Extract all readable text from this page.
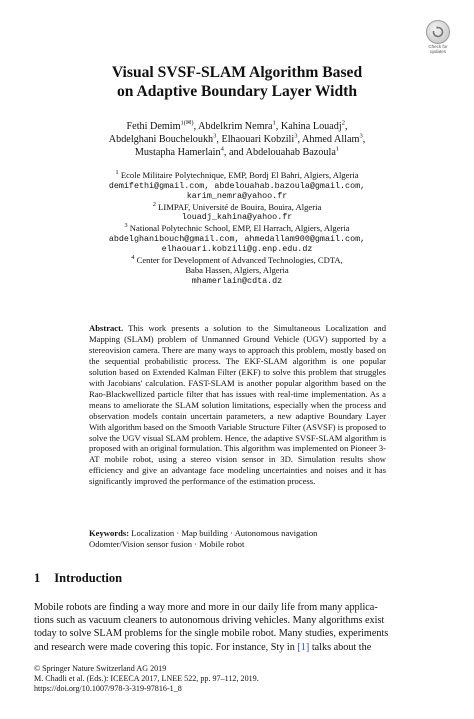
Check for
updates
Visual SVSF-SLAM Algorithm Based
on Adaptive Boundary Layer Width
Fethi Demim$^{1(✉)}$, Abdelkrim Nemra$^1$, Kahina Louadj$^2$,
Abdelghani Boucheloukh$^3$, Elhaouari Kobzili$^3$, Ahmed Allam$^3$,
Mustapha Hamerlain$^4$, and Abdelouahab Bazoula$^1$
$^1$ Ecole Militaire Polytechnique, EMP, Bordj El Bahri, Algiers, Algeria
demifethi@gmail.com, abdelouahab.bazoula@gmail.com,
karim_nemra@yahoo.fr
$^2$ LIMPAF, Université de Bouira, Bouira, Algeria
louadj_kahina@yahoo.fr
$^3$ National Polytechnic School, EMP, El Harrach, Algiers, Algeria
abdelghanibouch@gmail.com, ahmedallam900@gmail.com,
elhaouari.kobzili@g.enp.edu.dz
$^4$ Center for Development of Advanced Technologies, CDTA,
Baba Hassen, Algiers, Algeria
mhamerlain@cdta.dz
Abstract. This work presents a solution to the Simultaneous Localization and Mapping (SLAM) problem of Unmanned Ground Vehicle (UGV) supported by a stereovision camera. There are many ways to approach this problem, mostly based on the sequential probabilistic process. The EKF-SLAM algorithm is one popular solution based on Extended Kalman Filter (EKF) to solve this problem that struggles with Jacobians' calculation. FAST-SLAM is another popular algorithm based on the Rao-Blackwellized particle filter that has issues with real-time implementation. As a means to ameliorate the SLAM solution limitations, especially when the process and observation models contain uncertain parameters, a new adaptive Boundary Layer With algorithm based on the Smooth Variable Structure Filter (ASVSF) is proposed to solve the UGV visual SLAM problem. Hence, the adaptive SVSF-SLAM algorithm is proposed with an original formulation. This algorithm was implemented on Pioneer 3-AT mobile robot, using a stereo vision sensor in 3D. Simulation results show efficiency and give an advantage face modeling uncertainties and noises and it has significantly improved the performance of the estimation process.
Keywords: Localization · Map building · Autonomous navigation
Odomter/Vision sensor fusion · Mobile robot
1 Introduction
Mobile robots are finding a way more and more in our daily life from many applica-
tions such as vacuum cleaners to autonomous driving vehicles. Many algorithms exist
today to solve SLAM problems for the single mobile robot. Many studies, experiments
and research were made covering this topic. For instance, Sty in [1] talks about the
© Springer Nature Switzerland AG 2019
M. Chadli et al. (Eds.): ICEECA 2017, LNEE 522, pp. 97–112, 2019.
https://doi.org/10.1007/978-3-319-97816-1_8
